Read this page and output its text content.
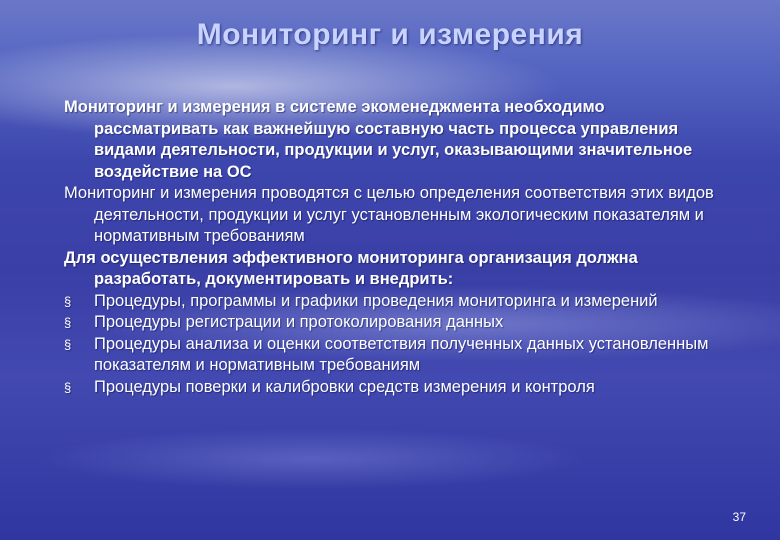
Мониторинг и измерения

Мониторинг и измерения в системе экоменеджмента необходимо рассматривать как важнейшую составную часть процесса управления видами деятельности, продукции и услуг, оказывающими значительное воздействие на ОС

Мониторинг и измерения проводятся с целью определения соответствия этих видов деятельности, продукции и услуг установленным экологическим показателям и нормативным требованиям

Для осуществления эффективного мониторинга организация должна разработать, документировать и внедрить:

§	Процедуры, программы и графики проведения мониторинга и измерений
§	Процедуры регистрации и протоколирования данных
§	Процедуры анализа и оценки соответствия полученных данных установленным показателям и нормативным требованиям
§	Процедуры поверки и калибровки средств измерения и контроля
37
